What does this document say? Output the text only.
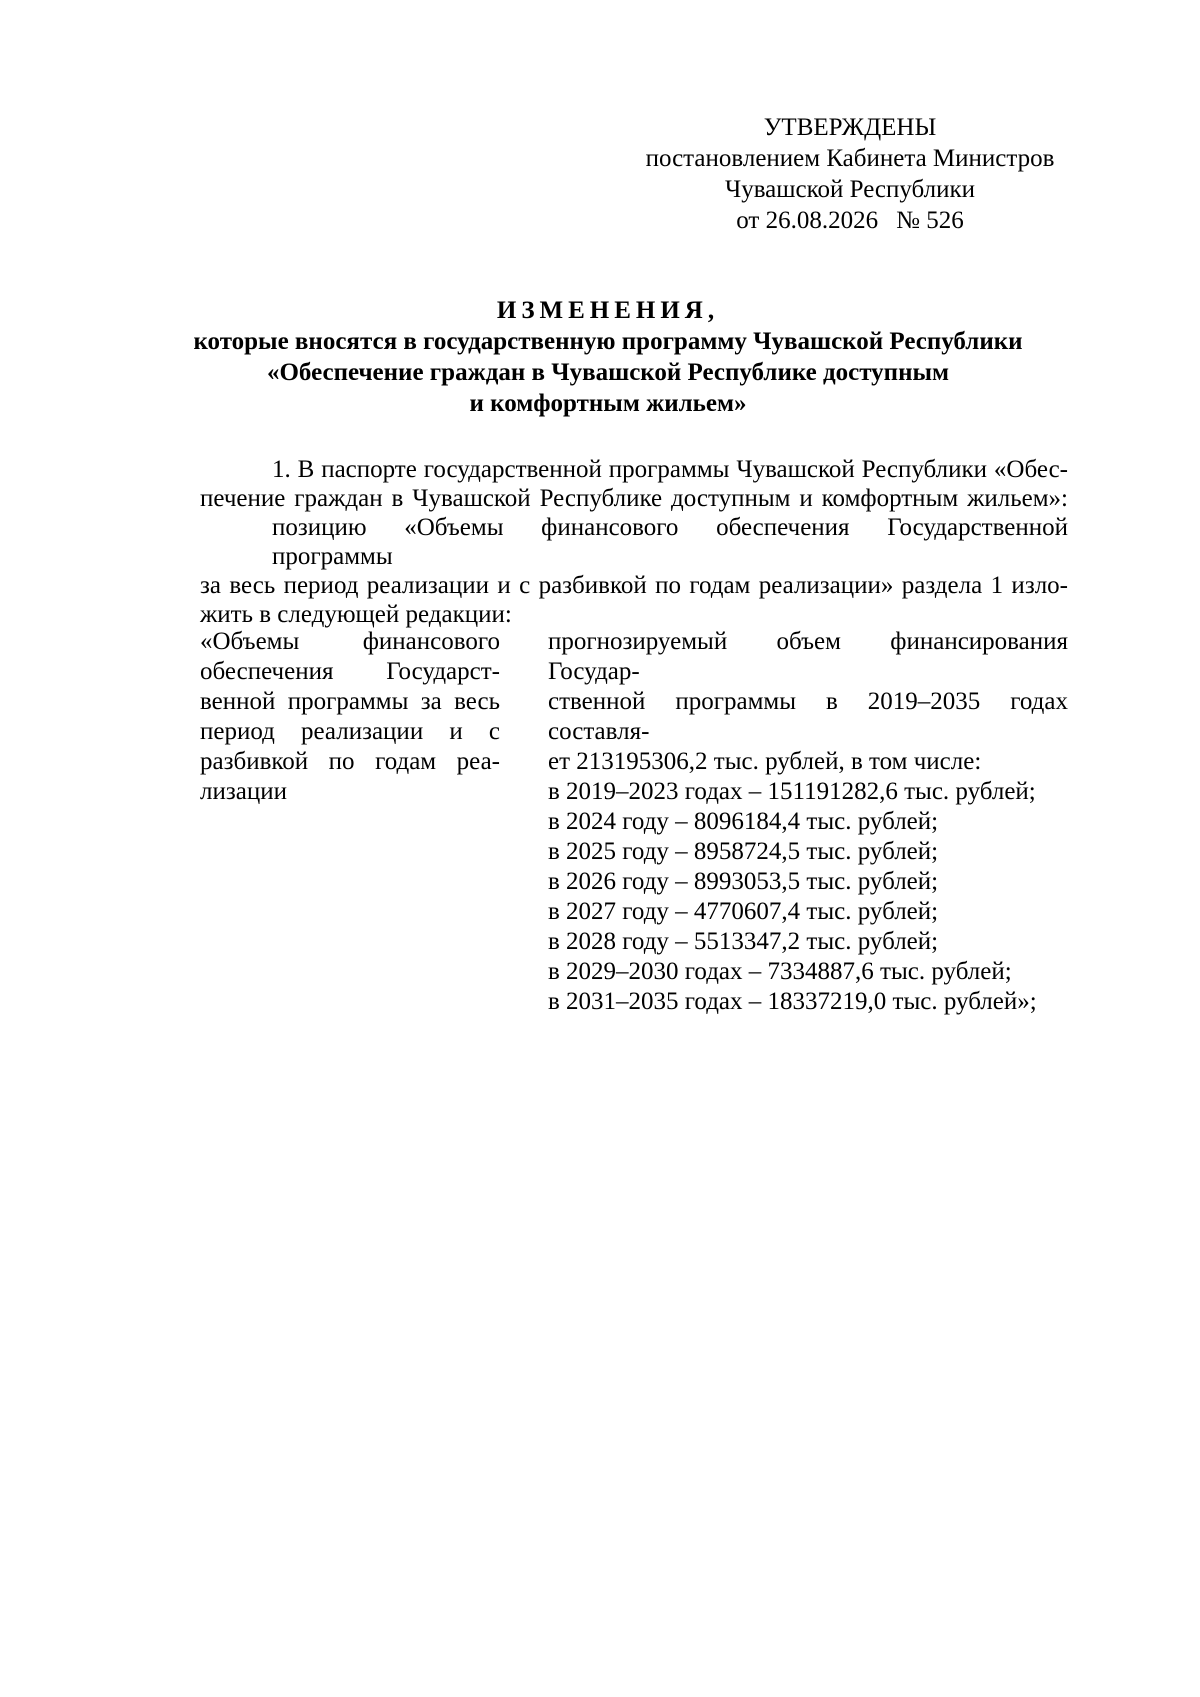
УТВЕРЖДЕНЫ
постановлением Кабинета Министров
Чувашской Республики
от 26.08.2026 № 526
ИЗМЕНЕНИЯ,
которые вносятся в государственную программу Чувашской Республики
«Обеспечение граждан в Чувашской Республике доступным
и комфортным жильем»
1. В паспорте государственной программы Чувашской Республики «Обес-
печение граждан в Чувашской Республике доступным и комфортным жильем»:
позицию «Объемы финансового обеспечения Государственной программы
за весь период реализации и с разбивкой по годам реализации» раздела 1 изло-
жить в следующей редакции:
«Объемы финансового
обеспечения Государст-
венной программы за весь
период реализации и с
разбивкой по годам реа-
лизации
прогнозируемый объем финансирования Государ-
ственной программы в 2019–2035 годах составля-
ет 213195306,2 тыс. рублей, в том числе:
в 2019–2023 годах – 151191282,6 тыс. рублей;
в 2024 году – 8096184,4 тыс. рублей;
в 2025 году – 8958724,5 тыс. рублей;
в 2026 году – 8993053,5 тыс. рублей;
в 2027 году – 4770607,4 тыс. рублей;
в 2028 году – 5513347,2 тыс. рублей;
в 2029–2030 годах – 7334887,6 тыс. рублей;
в 2031–2035 годах – 18337219,0 тыс. рублей»;
